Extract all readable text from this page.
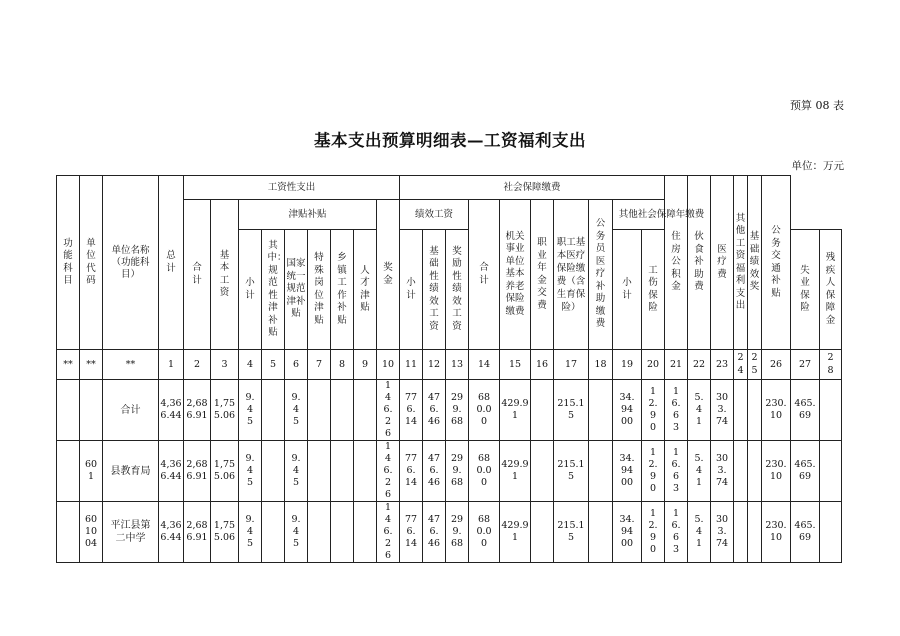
预算 08 表
基本支出预算明细表—工资福利支出
单位：万元
功能科目	单位代码	单位名称（功能科目）	总计	工资性支出									社会保障缴费										住房公积金	伙食补助费	医疗费	其他工资福利支出	基础绩效奖	公务交通补贴		

				合计	基本工资	津贴补贴						奖金	绩效工资			合计	机关事业单位基本养老保险缴费	职业年金交费	职工基本医疗保险缴费（含生育保险）	公务员医疗补助缴费	其他社会保障年缴费									

						小计	其中：规范性津补贴	国家统一规范津补贴	特殊岗位津贴	乡镇工作补贴	人才津贴		小计	基础性绩效工资	奖励性绩效工资						小计	工伤保险							失业保险	残疾人保障金

**	**	**	1	2	3	4	5	6	7	8	9	10	11	12	13	14	15	16	17	18	19	20	21	22	23	24	25	26	27	28

		合计	4,366.44	2,686.91	1,755.06	9.45		9.45				146.26	776.14	476.46	299.68	680.00	429.91		215.15		34.9400	12.90	16.63	5.41	303.74			230.10	465.69	

	601	县教育局	4,366.44	2,686.91	1,755.06	9.45		9.45				146.26	776.14	476.46	299.68	680.00	429.91		215.15		34.9400	12.90	16.63	5.41	303.74			230.10	465.69	

	601004	平江县第二中学	4,366.44	2,686.91	1,755.06	9.45		9.45				146.26	776.14	476.46	299.68	680.00	429.91		215.15		34.9400	12.90	16.63	5.41	303.74			230.10	465.69	
